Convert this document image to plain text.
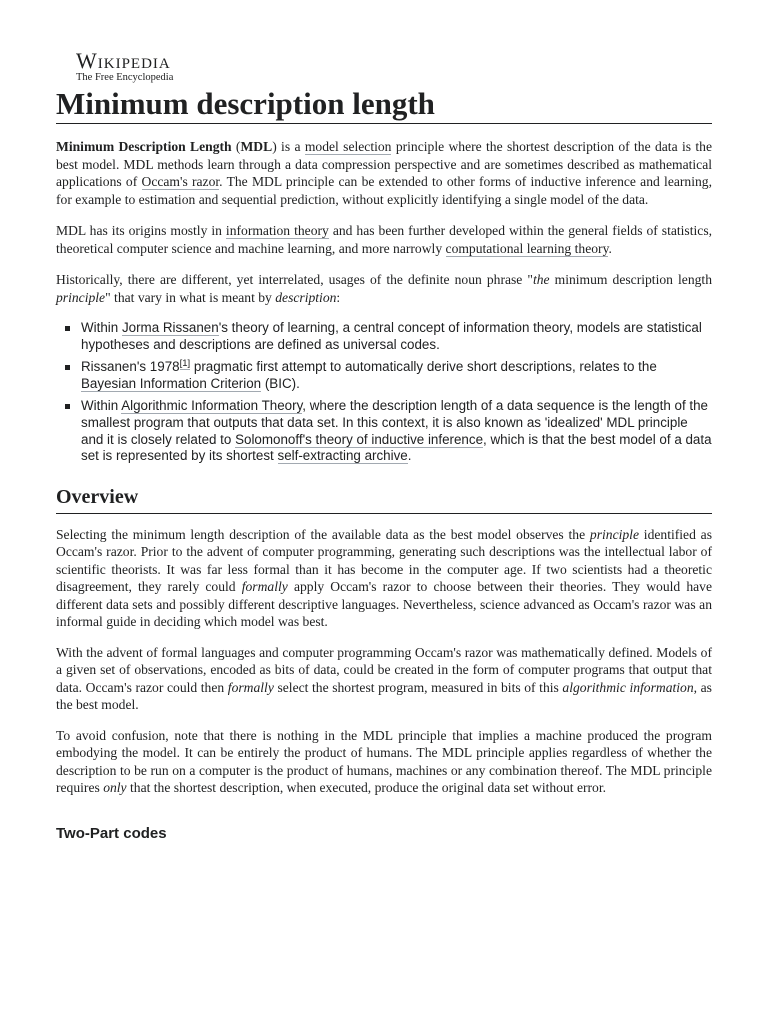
Wikipedia
The Free Encyclopedia
Minimum description length

Minimum Description Length (MDL) is a model selection principle where the shortest description of the data is the best model. MDL methods learn through a data compression perspective and are sometimes described as mathematical applications of Occam's razor. The MDL principle can be extended to other forms of inductive inference and learning, for example to estimation and sequential prediction, without explicitly identifying a single model of the data.

MDL has its origins mostly in information theory and has been further developed within the general fields of statistics, theoretical computer science and machine learning, and more narrowly computational learning theory.

Historically, there are different, yet interrelated, usages of the definite noun phrase "the minimum description length principle" that vary in what is meant by description:

Within Jorma Rissanen's theory of learning, a central concept of information theory, models are statistical hypotheses and descriptions are defined as universal codes.
Rissanen's 1978[1] pragmatic first attempt to automatically derive short descriptions, relates to the Bayesian Information Criterion (BIC).
Within Algorithmic Information Theory, where the description length of a data sequence is the length of the smallest program that outputs that data set. In this context, it is also known as 'idealized' MDL principle and it is closely related to Solomonoff's theory of inductive inference, which is that the best model of a data set is represented by its shortest self-extracting archive.
Overview

Selecting the minimum length description of the available data as the best model observes the principle identified as Occam's razor. Prior to the advent of computer programming, generating such descriptions was the intellectual labor of scientific theorists. It was far less formal than it has become in the computer age. If two scientists had a theoretic disagreement, they rarely could formally apply Occam's razor to choose between their theories. They would have different data sets and possibly different descriptive languages. Nevertheless, science advanced as Occam's razor was an informal guide in deciding which model was best.

With the advent of formal languages and computer programming Occam's razor was mathematically defined. Models of a given set of observations, encoded as bits of data, could be created in the form of computer programs that output that data. Occam's razor could then formally select the shortest program, measured in bits of this algorithmic information, as the best model.

To avoid confusion, note that there is nothing in the MDL principle that implies a machine produced the program embodying the model. It can be entirely the product of humans. The MDL principle applies regardless of whether the description to be run on a computer is the product of humans, machines or any combination thereof. The MDL principle requires only that the shortest description, when executed, produce the original data set without error.

Two-Part codes
